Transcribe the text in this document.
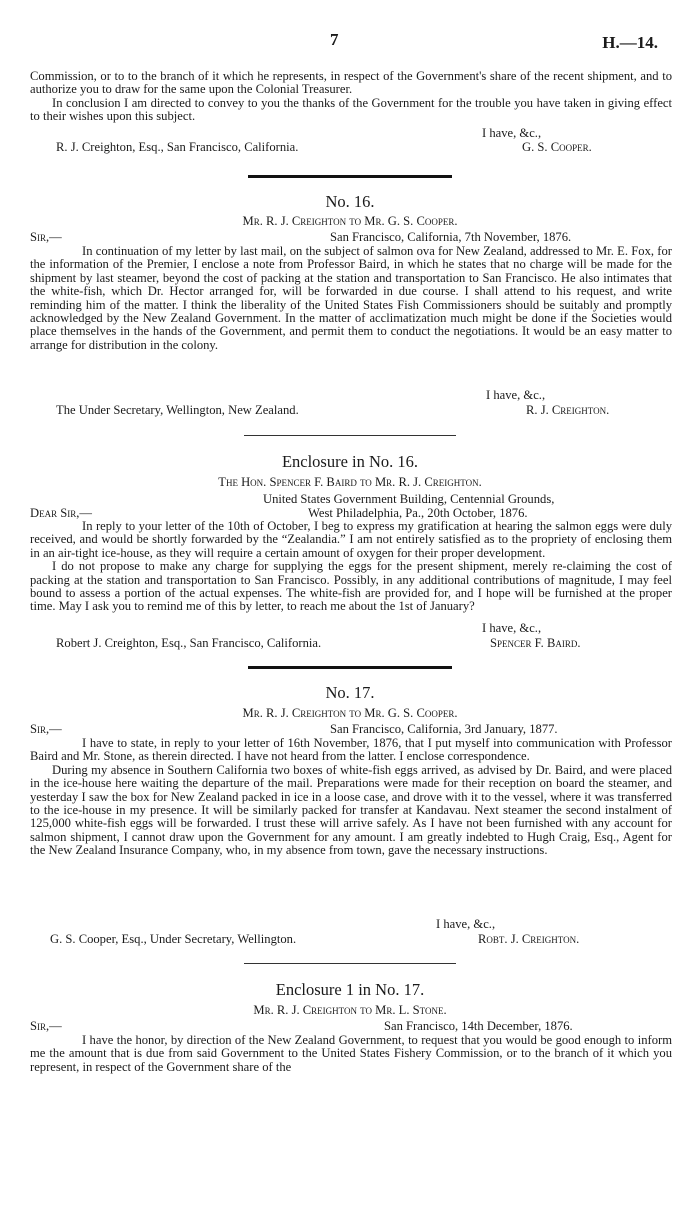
7	H.—14.

Commission, or to to the branch of it which he represents, in respect of the Government's share of the recent shipment, and to authorize you to draw for the same upon the Colonial Treasurer.

In conclusion I am directed to convey to you the thanks of the Government for the trouble you have taken in giving effect to their wishes upon this subject.

I have, &c.,
R. J. Creighton, Esq., San Francisco, California.	G. S. Cooper.
No. 16.
Mr. R. J. Creighton to Mr. G. S. Cooper.
Sir,—	San Francisco, California, 7th November, 1876.

In continuation of my letter by last mail, on the subject of salmon ova for New Zealand, addressed to Mr. E. Fox, for the information of the Premier, I enclose a note from Professor Baird, in which he states that no charge will be made for the shipment by last steamer, beyond the cost of packing at the station and transportation to San Francisco. He also intimates that the white-fish, which Dr. Hector arranged for, will be forwarded in due course. I shall attend to his request, and write reminding him of the matter. I think the liberality of the United States Fish Commissioners should be suitably and promptly acknowledged by the New Zealand Government. In the matter of acclimatization much might be done if the Societies would place themselves in the hands of the Government, and permit them to conduct the negotiations. It would be an easy matter to arrange for distribution in the colony.

I have, &c.,
The Under Secretary, Wellington, New Zealand.	R. J. Creighton.
Enclosure in No. 16.
The Hon. Spencer F. Baird to Mr. R. J. Creighton.
United States Government Building, Centennial Grounds,
Dear Sir,—	West Philadelphia, Pa., 20th October, 1876.

In reply to your letter of the 10th of October, I beg to express my gratification at hearing the salmon eggs were duly received, and would be shortly forwarded by the “Zealandia.” I am not entirely satisfied as to the propriety of enclosing them in an air-tight ice-house, as they will require a certain amount of oxygen for their proper development.

I do not propose to make any charge for supplying the eggs for the present shipment, merely re-claiming the cost of packing at the station and transportation to San Francisco. Possibly, in any additional contributions of magnitude, I may feel bound to assess a portion of the actual expenses. The white-fish are provided for, and I hope will be furnished at the proper time. May I ask you to remind me of this by letter, to reach me about the 1st of January?

I have, &c.,
Robert J. Creighton, Esq., San Francisco, California.	Spencer F. Baird.
No. 17.
Mr. R. J. Creighton to Mr. G. S. Cooper.
Sir,—	San Francisco, California, 3rd January, 1877.

I have to state, in reply to your letter of 16th November, 1876, that I put myself into communication with Professor Baird and Mr. Stone, as therein directed. I have not heard from the latter. I enclose correspondence.

During my absence in Southern California two boxes of white-fish eggs arrived, as advised by Dr. Baird, and were placed in the ice-house here waiting the departure of the mail. Preparations were made for their reception on board the steamer, and yesterday I saw the box for New Zealand packed in ice in a loose case, and drove with it to the vessel, where it was transferred to the ice-house in my presence. It will be similarly packed for transfer at Kandavau. Next steamer the second instalment of 125,000 white-fish eggs will be forwarded. I trust these will arrive safely. As I have not been furnished with any account for salmon shipment, I cannot draw upon the Government for any amount. I am greatly indebted to Hugh Craig, Esq., Agent for the New Zealand Insurance Company, who, in my absence from town, gave the necessary instructions.

I have, &c.,
G. S. Cooper, Esq., Under Secretary, Wellington.	Robt. J. Creighton.
Enclosure 1 in No. 17.
Mr. R. J. Creighton to Mr. L. Stone.
Sir,—	San Francisco, 14th December, 1876.

I have the honor, by direction of the New Zealand Government, to request that you would be good enough to inform me the amount that is due from said Government to the United States Fishery Commission, or to the branch of it which you represent, in respect of the Government share of the
